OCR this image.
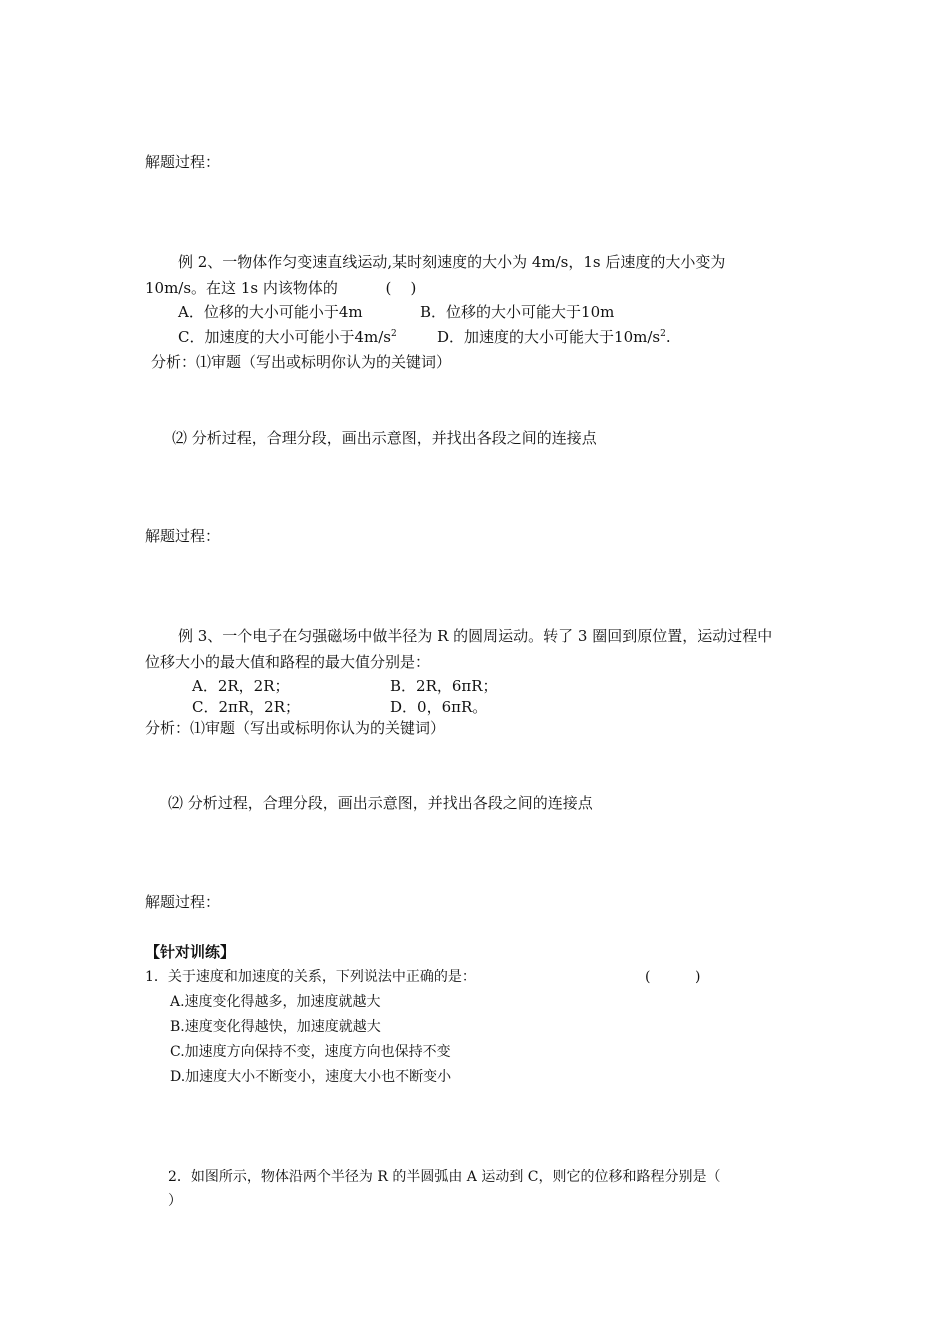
解题过程：
例 2、一物体作匀变速直线运动,某时刻速度的大小为 4m/s，1s 后速度的大小变为
10m/s。在这 1s 内该物体的          (    )
A．位移的大小可能小于4m	B．位移的大小可能大于10m
C．加速度的大小可能小于$4m/s^2$	D．加速度的大小可能大于$10m/s^2$.
分析：⑴审题（写出或标明你认为的关键词）
⑵ 分析过程，合理分段，画出示意图，并找出各段之间的连接点
解题过程：
例 3、一个电子在匀强磁场中做半径为 R 的圆周运动。转了 3 圈回到原位置，运动过程中
位移大小的最大值和路程的最大值分别是：
A．2R，2R；	B．2R，6πR；
C．2πR，2R；	D．0，6πR。
分析：⑴审题（写出或标明你认为的关键词）
⑵ 分析过程，合理分段，画出示意图，并找出各段之间的连接点
解题过程：
【针对训练】
1．关于速度和加速度的关系，下列说法中正确的是：	(          )
A.速度变化得越多，加速度就越大
B.速度变化得越快，加速度就越大
C.加速度方向保持不变，速度方向也保持不变
D.加速度大小不断变小，速度大小也不断变小
2．如图所示，物体沿两个半径为 R 的半圆弧由 A 运动到 C，则它的位移和路程分别是（
）
